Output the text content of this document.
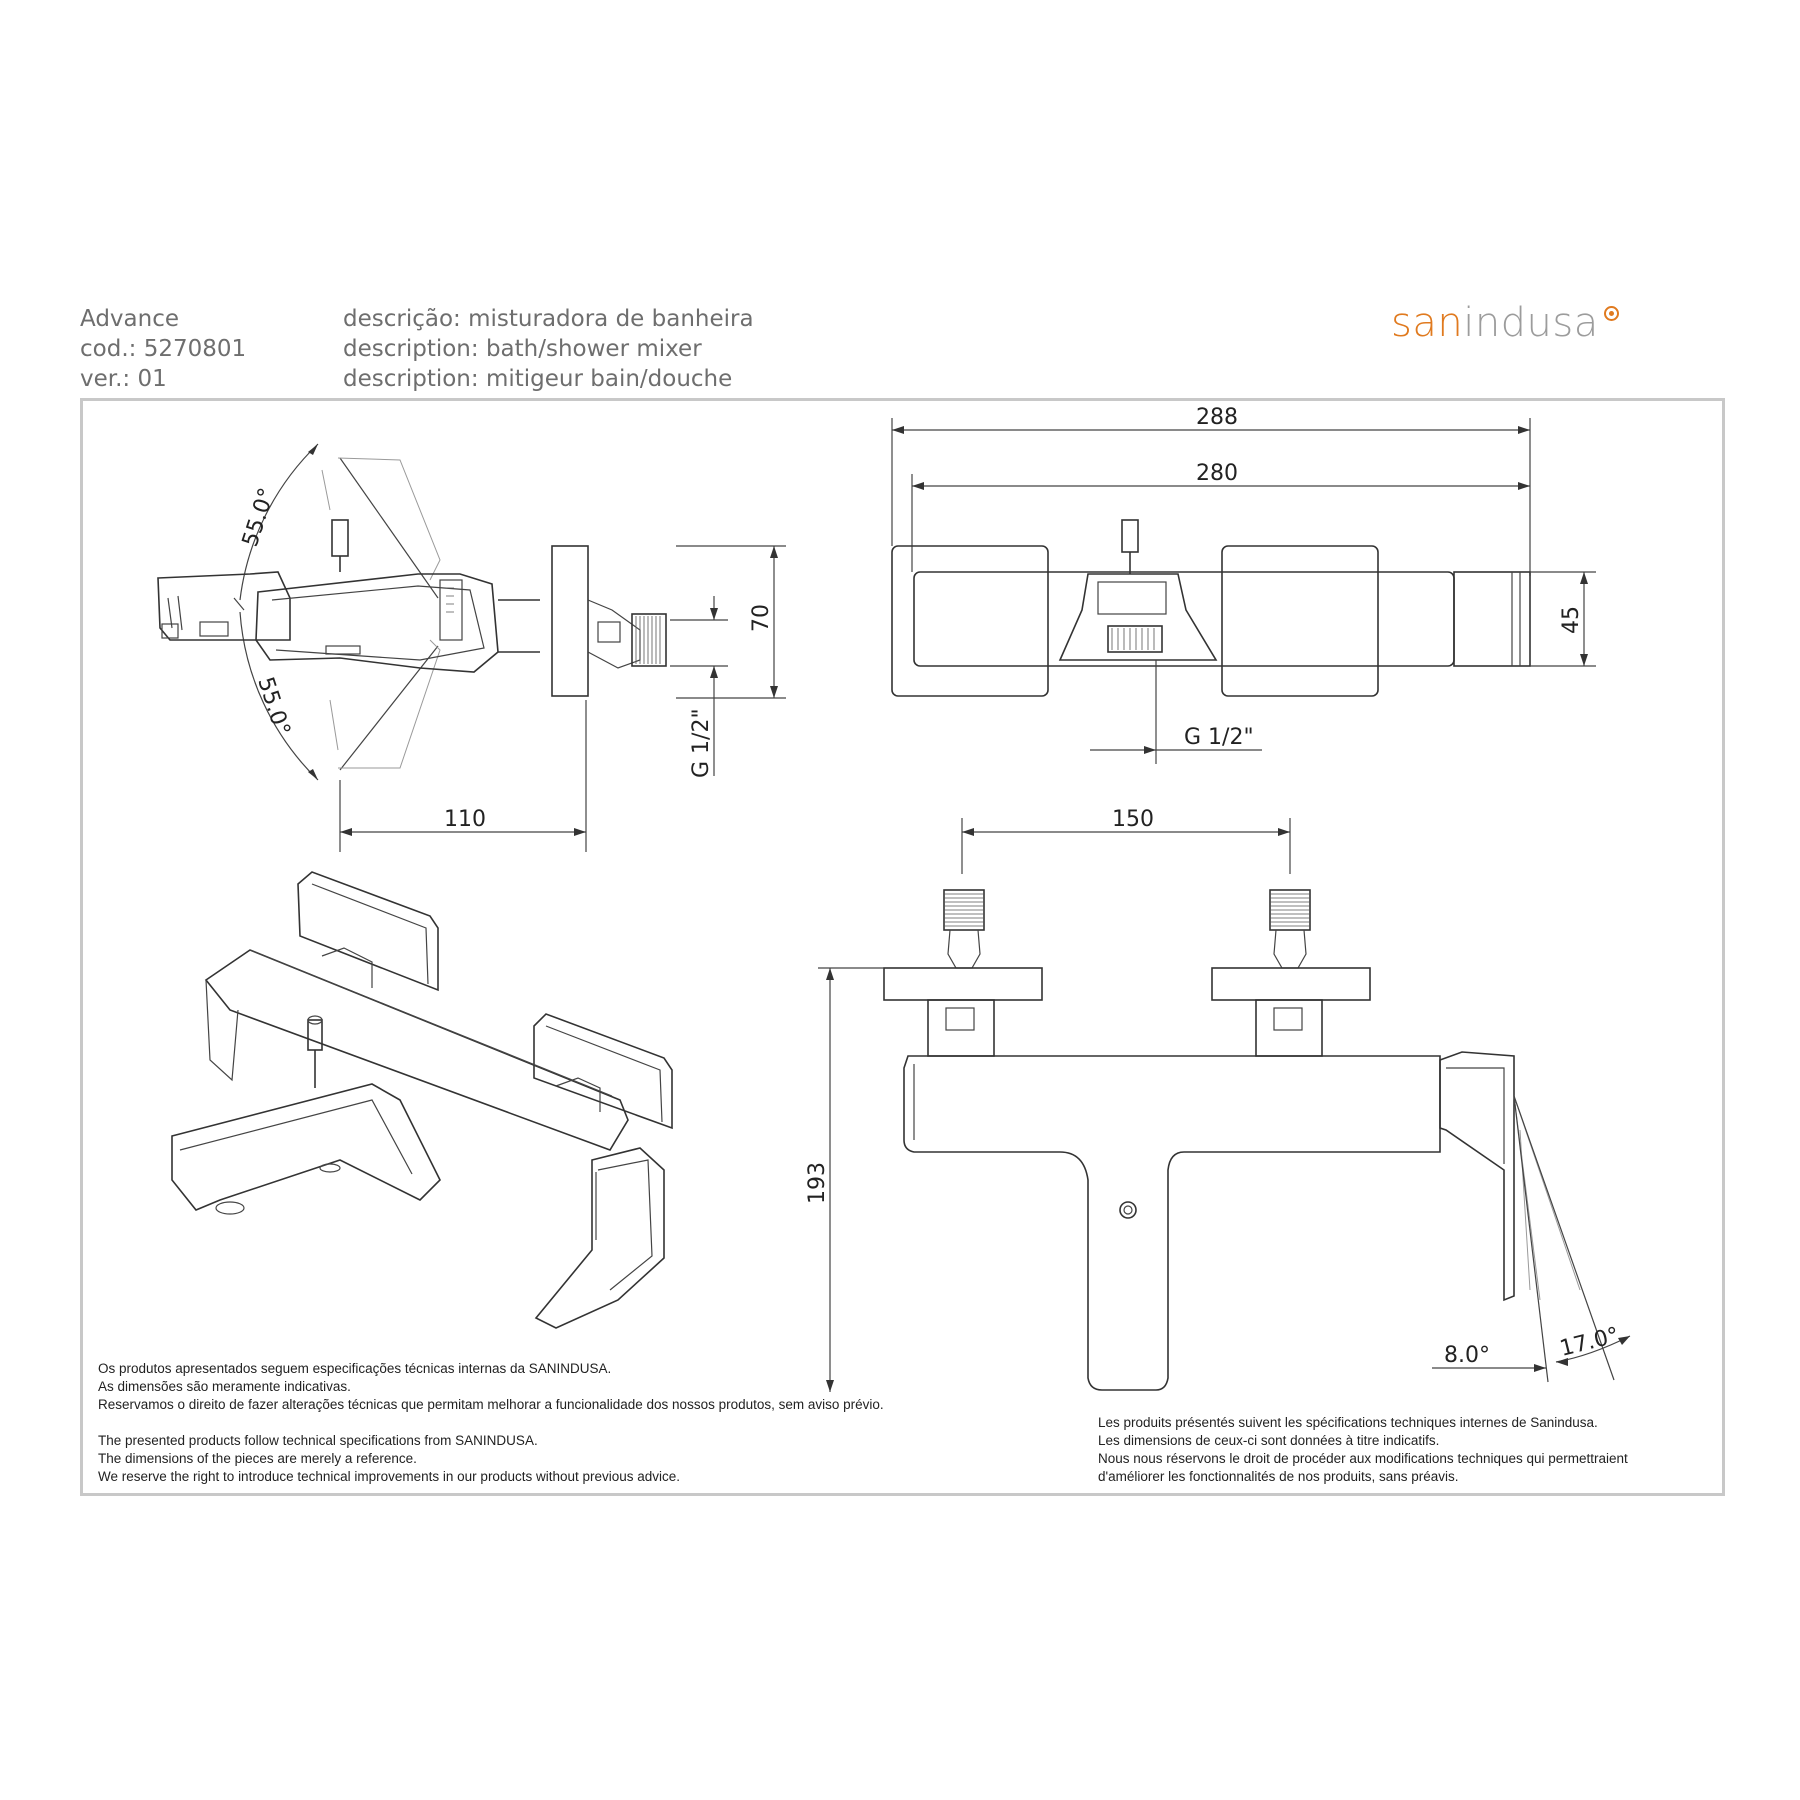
Advance
cod.: 5270801
ver.: 01
descrição: misturadora de banheira
description: bath/shower mixer
description: mitigeur bain/douche
sanindusa
55.0°
55.0°
70
G 1/2"
110
288
280
45
G 1/2"
150
193
8.0°	17.0°
Os produtos apresentados seguem especificações técnicas internas da SANINDUSA.
As dimensões são meramente indicativas.
Reservamos o direito de fazer alterações técnicas que permitam melhorar a funcionalidade dos nossos produtos, sem aviso prévio.
The presented products follow technical specifications from SANINDUSA.
The dimensions of the pieces are merely a reference.
We reserve the right to introduce technical improvements in our products without previous advice.
Les produits présentés suivent les spécifications techniques internes de Sanindusa.
Les dimensions de ceux-ci sont données à titre indicatifs.
Nous nous réservons le droit de procéder aux modifications techniques qui permettraient
d'améliorer les fonctionnalités de nos produits, sans préavis.
